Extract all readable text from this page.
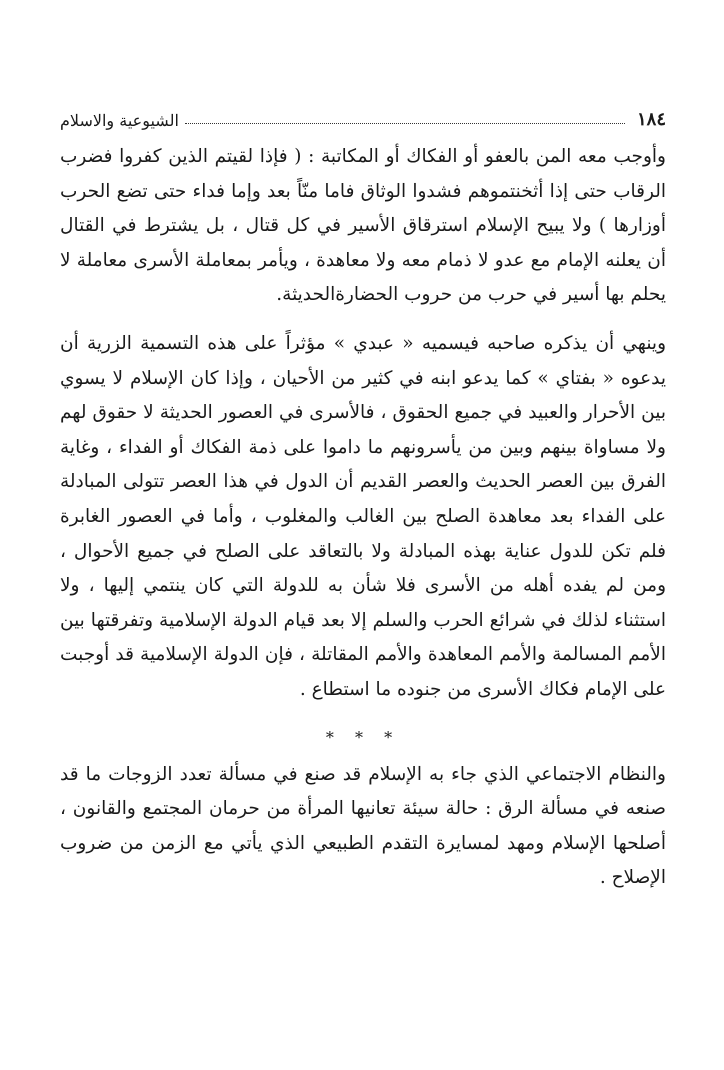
١٨٤
الشيوعية والاسلام

وأوجب معه المن بالعفو أو الفكاك أو المكاتبة : ( فإذا لقيتم الذين كفروا فضرب الرقاب حتى إذا أثخنتموهم فشدوا الوثاق فاما منّاً بعد وإما فداء حتى تضع الحرب أوزارها ) ولا يبيح الإسلام استرقاق الأسير في كل قتال ، بل يشترط في القتال أن يعلنه الإمام مع عدو لا ذمام معه ولا معاهدة ، ويأمر بمعاملة الأسرى معاملة لا يحلم بها أسير في حرب من حروب الحضارةالحديثة.

وينهي أن يذكره صاحبه فيسميه « عبدي » مؤثراً على هذه التسمية الزرية أن يدعوه « بفتاي » كما يدعو ابنه في كثير من الأحيان ، وإذا كان الإسلام لا يسوي بين الأحرار والعبيد في جميع الحقوق ، فالأسرى في العصور الحديثة لا حقوق لهم ولا مساواة بينهم وبين من يأسرونهم ما داموا على ذمة الفكاك أو الفداء ، وغاية الفرق بين العصر الحديث والعصر القديم أن الدول في هذا العصر تتولى المبادلة على الفداء بعد معاهدة الصلح بين الغالب والمغلوب ، وأما في العصور الغابرة فلم تكن للدول عناية بهذه المبادلة ولا بالتعاقد على الصلح في جميع الأحوال ، ومن لم يفده أهله من الأسرى فلا شأن به للدولة التي كان ينتمي إليها ، ولا استثناء لذلك في شرائع الحرب والسلم إلا بعد قيام الدولة الإسلامية وتفرقتها بين الأمم المسالمة والأمم المعاهدة والأمم المقاتلة ، فإن الدولة الإسلامية قد أوجبت على الإمام فكاك الأسرى من جنوده ما استطاع .

* * *

والنظام الاجتماعي الذي جاء به الإسلام قد صنع في مسألة تعدد الزوجات ما قد صنعه في مسألة الرق : حالة سيئة تعانيها المرأة من حرمان المجتمع والقانون ، أصلحها الإسلام ومهد لمسايرة التقدم الطبيعي الذي يأتي مع الزمن من ضروب الإصلاح .
